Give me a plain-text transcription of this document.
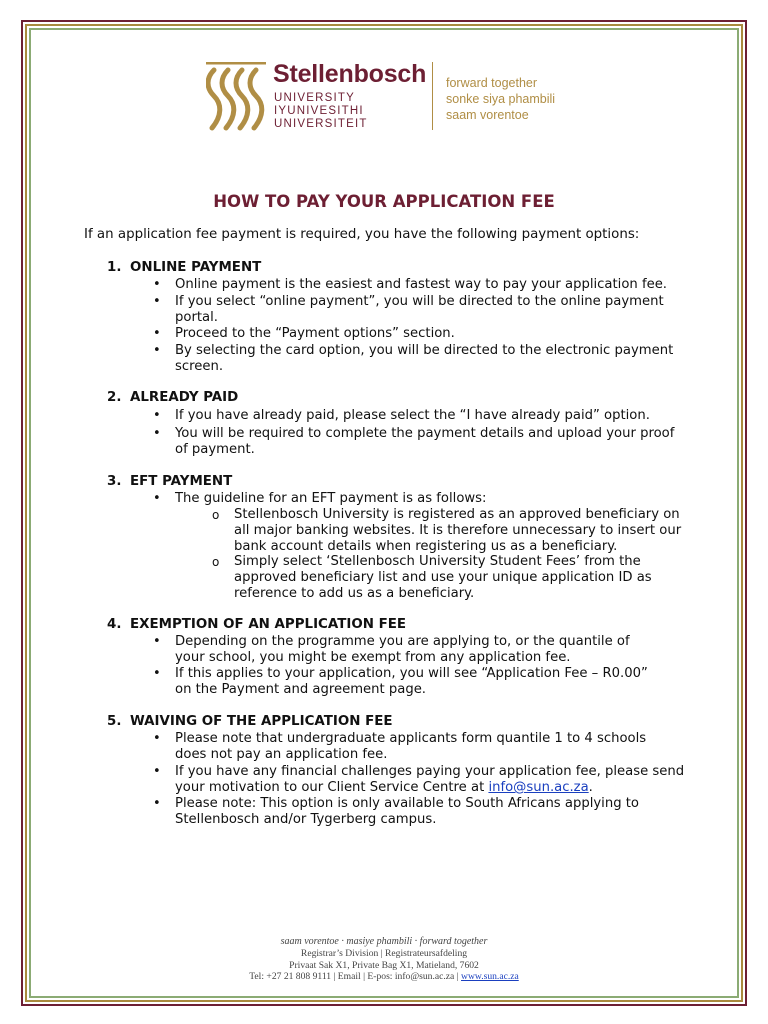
Stellenbosch
UNIVERSITY
IYUNIVESITHI
UNIVERSITEIT
forward together
sonke siya phambili
saam vorentoe
HOW TO PAY YOUR APPLICATION FEE
If an application fee payment is required, you have the following payment options:
1. ONLINE PAYMENT
• Online payment is the easiest and fastest way to pay your application fee.
• If you select “online payment”, you will be directed to the online payment portal.
• Proceed to the “Payment options” section.
• By selecting the card option, you will be directed to the electronic payment screen.
2. ALREADY PAID
• If you have already paid, please select the “I have already paid” option.
• You will be required to complete the payment details and upload your proof of payment.
3. EFT PAYMENT
• The guideline for an EFT payment is as follows:
o Stellenbosch University is registered as an approved beneficiary on all major banking websites. It is therefore unnecessary to insert our bank account details when registering us as a beneficiary.
o Simply select ‘Stellenbosch University Student Fees’ from the approved beneficiary list and use your unique application ID as reference to add us as a beneficiary.
4. EXEMPTION OF AN APPLICATION FEE
• Depending on the programme you are applying to, or the quantile of your school, you might be exempt from any application fee.
• If this applies to your application, you will see “Application Fee – R0.00” on the Payment and agreement page.
5. WAIVING OF THE APPLICATION FEE
• Please note that undergraduate applicants form quantile 1 to 4 schools does not pay an application fee.
• If you have any financial challenges paying your application fee, please send your motivation to our Client Service Centre at info@sun.ac.za.
• Please note: This option is only available to South Africans applying to Stellenbosch and/or Tygerberg campus.
saam vorentoe · masiye phambili · forward together
Registrar’s Division | Registrateursafdeling
Privaat Sak X1, Private Bag X1, Matieland, 7602
Tel: +27 21 808 9111 | Email | E-pos: info@sun.ac.za | www.sun.ac.za
